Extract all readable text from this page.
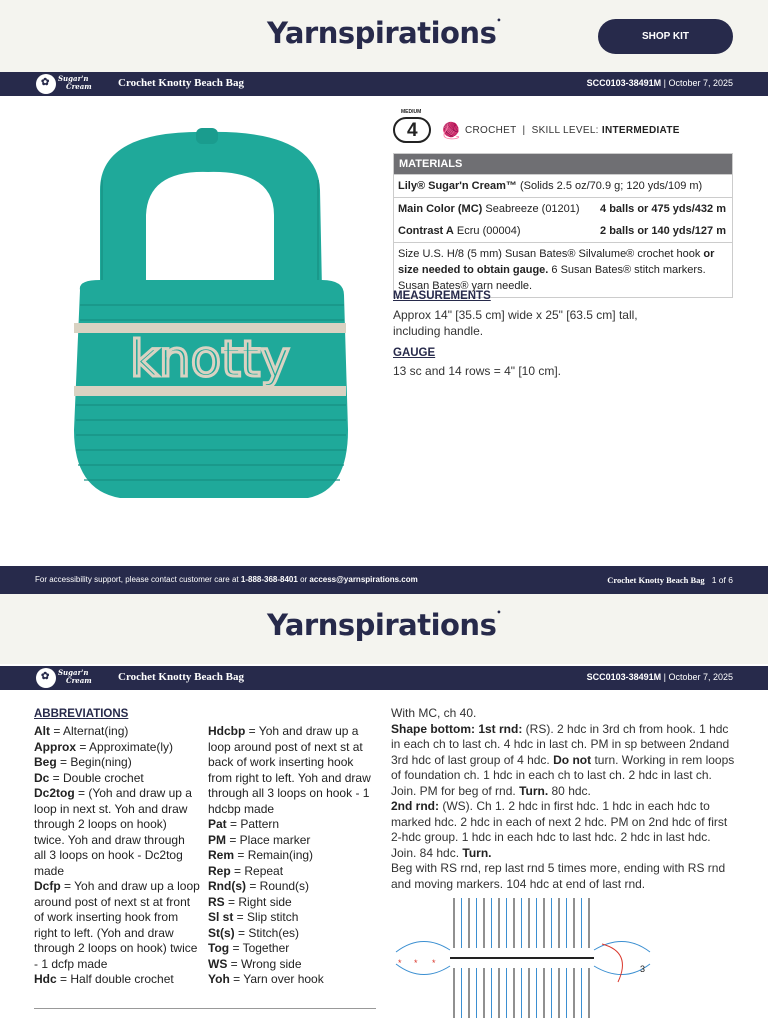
Yarnspirations•
SHOP KIT
✿ Sugar'n
Cream Crochet Knotty Beach Bag	SCC0103-38491M | October 7, 2025
knotty
MEDIUM
4 🧶 CROCHET  |  SKILL LEVEL: INTERMEDIATE
MATERIALS
Lily® Sugar'n Cream™ (Solids 2.5 oz/70.9 g; 120 yds/109 m)
Main Color (MC) Seabreeze (01201) 4 balls or 475 yds/432 m
Contrast A Ecru (00004)	2 balls or 140 yds/127 m
Size U.S. H/8 (5 mm) Susan Bates® Silvalume® crochet hook or size needed to obtain gauge. 6 Susan Bates® stitch markers. Susan Bates® yarn needle.
MEASUREMENTS
Approx 14" [35.5 cm] wide x 25" [63.5 cm] tall, including handle.
GAUGE
13 sc and 14 rows = 4" [10 cm].
For accessibility support, please contact customer care at 1-888-368-8401 or access@yarnspirations.com	Crochet Knotty Beach Bag 1 of 6
Yarnspirations•
✿ Sugar'n
Cream Crochet Knotty Beach Bag	SCC0103-38491M | October 7, 2025
ABBREVIATIONS
Alt = Alternat(ing)
Approx = Approximate(ly)
Beg = Begin(ning)
Dc = Double crochet
Dc2tog = (Yoh and draw up a loop in next st. Yoh and draw through 2 loops on hook) twice. Yoh and draw through all 3 loops on hook - Dc2tog made
Dcfp = Yoh and draw up a loop around post of next st at front of work inserting hook from right to left. (Yoh and draw through 2 loops on hook) twice - 1 dcfp made
Hdc = Half double crochet
Hdcbp = Yoh and draw up a loop around post of next st at back of work inserting hook from right to left. Yoh and draw through all 3 loops on hook - 1 hdcbp made
Pat = Pattern
PM = Place marker
Rem = Remain(ing)
Rep = Repeat
Rnd(s) = Round(s)
RS = Right side
Sl st = Slip stitch
St(s) = Stitch(es)
Tog = Together
WS = Wrong side
Yoh = Yarn over hook
With MC, ch 40.
Shape bottom: 1st rnd: (RS). 2 hdc in 3rd ch from hook. 1 hdc in each ch to last ch. 4 hdc in last ch. PM in sp between 2ndand 3rd hdc of last group of 4 hdc. Do not turn. Working in rem loops of foundation ch. 1 hdc in each ch to last ch. 2 hdc in last ch. Join. PM for beg of rnd. Turn. 80 hdc.
2nd rnd: (WS). Ch 1. 2 hdc in first hdc. 1 hdc in each hdc to marked hdc. 2 hdc in each of next 2 hdc. PM on 2nd hdc of first 2-hdc group. 1 hdc in each hdc to last hdc. 2 hdc in last hdc. Join. 84 hdc. Turn.
Beg with RS rnd, rep last rnd 5 times more, ending with RS rnd and moving markers. 104 hdc at end of last rnd.
* * *
3
